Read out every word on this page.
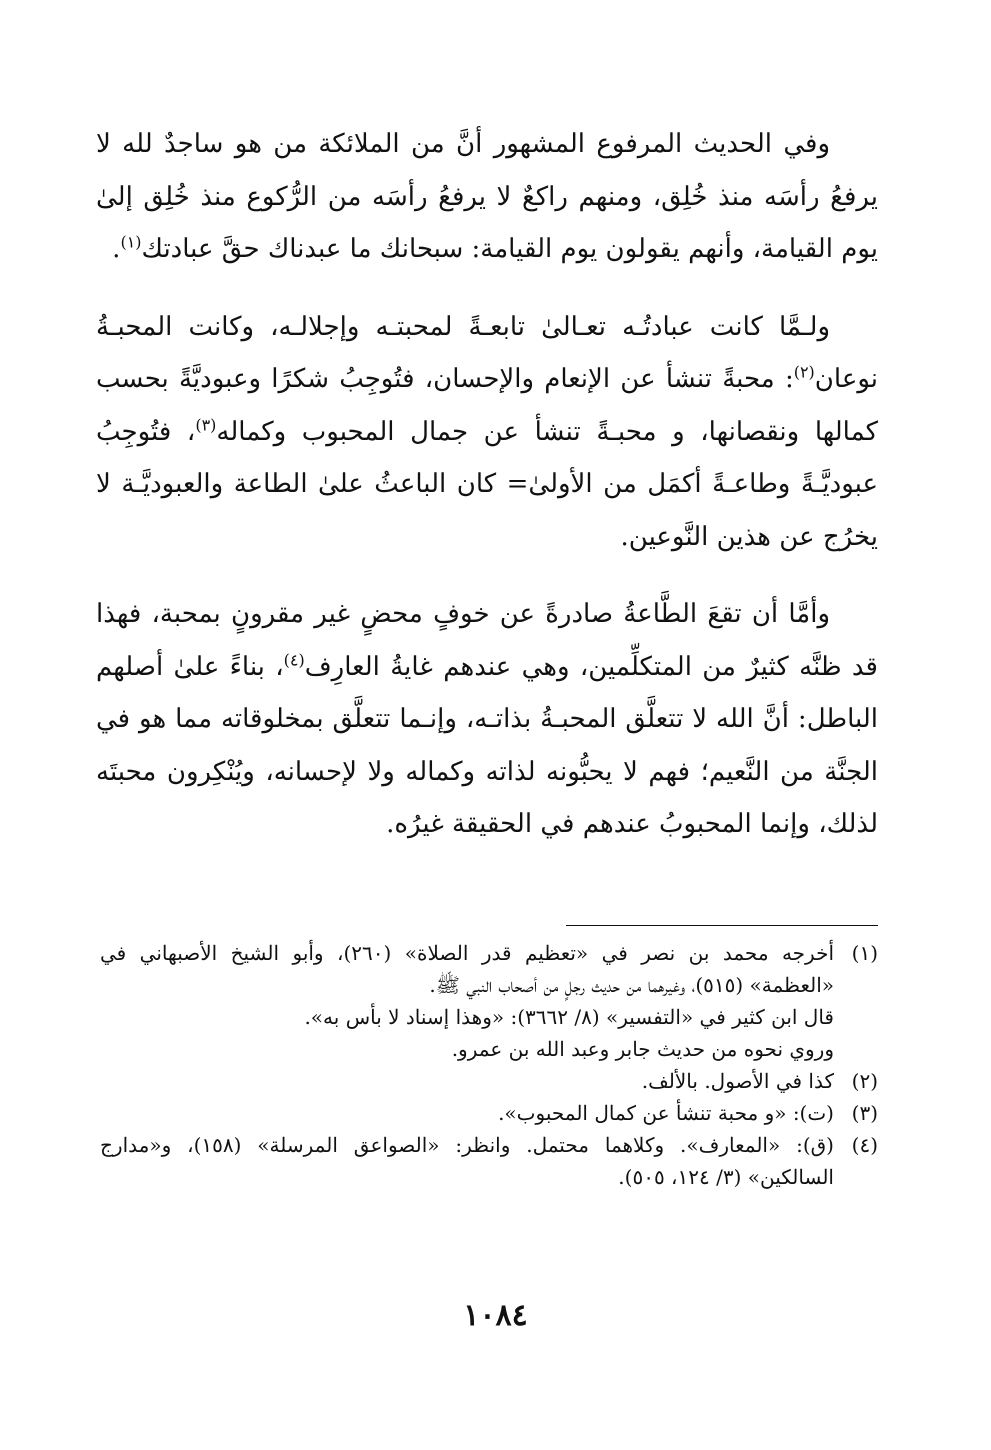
وفي الحديث المرفوع المشهور أنَّ من الملائكة من هو ساجدٌ لله لا يرفعُ رأسَه منذ خُلِق، ومنهم راكعٌ لا يرفعُ رأسَه من الرُّكوع منذ خُلِق إلىٰ يوم القيامة، وأنهم يقولون يوم القيامة: سبحانك ما عبدناك حقَّ عبادتك$^{(١)}$.

ولـمَّا كانت عبادتُـه تعـالىٰ تابعـةً لمحبتـه وإجلالـه، وكانت المحبـةُ نوعان$^{(٢)}$: محبةً تنشأ عن الإنعام والإحسان، فتُوجِبُ شكرًا وعبوديَّةً بحسب كمالها ونقصانها، و محبـةً تنشأ عن جمال المحبوب وكماله$^{(٣)}$، فتُوجِبُ عبوديَّـةً وطاعـةً أكمَل من الأولىٰ= كان الباعثُ علىٰ الطاعة والعبوديَّـة لا يخرُج عن هذين النَّوعين.

وأمَّا أن تقعَ الطَّاعةُ صادرةً عن خوفٍ محضٍ غير مقرونٍ بمحبة، فهذا قد ظنَّه كثيرٌ من المتكلِّمين، وهي عندهم غايةُ العارِف$^{(٤)}$، بناءً علىٰ أصلهم الباطل: أنَّ الله لا تتعلَّق المحبـةُ بذاتـه، وإنـما تتعلَّق بمخلوقاته مما هو في الجنَّة من النَّعيم؛ فهم لا يحبُّونه لذاته وكماله ولا لإحسانه، ويُنْكِرون محبتَه لذلك، وإنما المحبوبُ عندهم في الحقيقة غيرُه.

(١)

أخرجه محمد بن نصر في «تعظيم قدر الصلاة» (٢٦٠)، وأبو الشيخ الأصبهاني في «العظمة» (٥١٥)، وغيرهما من حديث رجلٍ من أصحاب النبي ﷺ.

قال ابن كثير في «التفسير» (٨/ ٣٦٦٢): «وهذا إسناد لا بأس به».

وروي نحوه من حديث جابر وعبد الله بن عمرو.

(٢)

كذا في الأصول. بالألف.

(٣)

(ت): «و محبة تنشأ عن كمال المحبوب».

(٤)

(ق): «المعارف». وكلاهما محتمل. وانظر: «الصواعق المرسلة» (١٥٨)، و«مدارج السالكين» (٣/ ١٢٤، ٥٠٥).

١٠٨٤
